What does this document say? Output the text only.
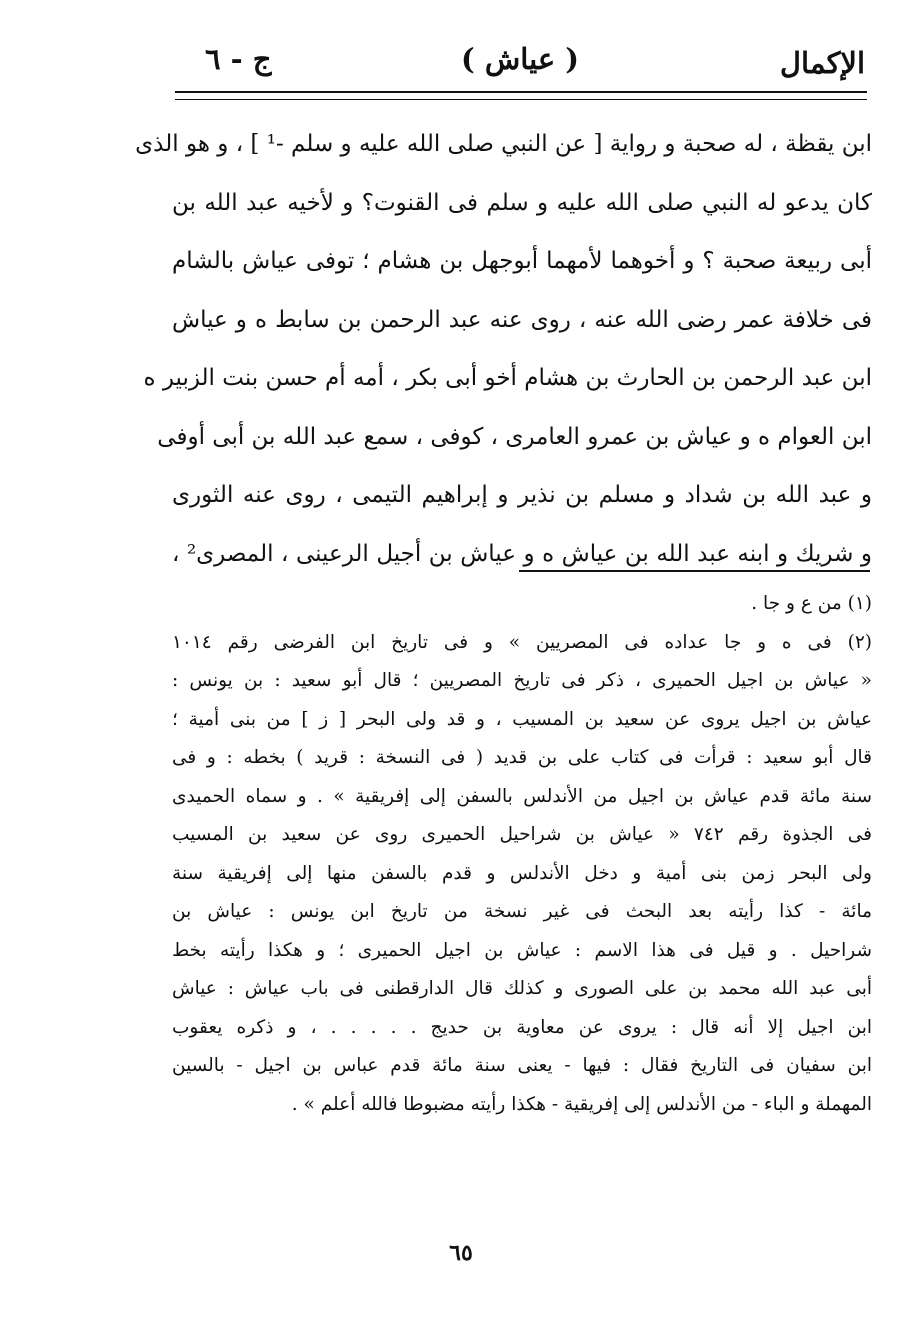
الإكمال
( عياش )
ج - ٦
ابن يقظة ، له صحبة و رواية [ عن النبي صلى الله عليه و سلم -¹ ] ، و هو الذى
كان يدعو له النبي صلى الله عليه و سلم فى القنوت؟ و لأخيه عبد الله بن
أبى ربيعة صحبة ؟ و أخوهما لأمهما أبوجهل بن هشام ؛ توفى عياش بالشام
فى خلافة عمر رضى الله عنه ، روى عنه عبد الرحمن بن سابط ه و عياش
ابن عبد الرحمن بن الحارث بن هشام أخو أبى بكر ، أمه أم حسن بنت الزبير ه
ابن العوام ه و عياش بن عمرو العامرى ، كوفى ، سمع عبد الله بن أبى أوفى
و عبد الله بن شداد و مسلم بن نذير و إبراهيم التيمى ، روى عنه الثورى
و شريك و ابنه عبد الله بن عياش ه و عياش بن أجيل الرعينى ، المصرى² ،
(١) من ع و جا .
(٢) فى ه و جا عداده فى المصريين » و فى تاريخ ابن الفرضى رقم ١٠١٤
« عياش بن اجيل الحميرى ، ذكر فى تاريخ المصريين ؛ قال أبو سعيد : بن يونس :
عياش بن اجيل يروى عن سعيد بن المسيب ، و قد ولى البحر [ ز ] من بنى أمية ؛
قال أبو سعيد : قرأت فى كتاب على بن قديد ( فى النسخة : قريد ) بخطه : و فى
سنة مائة قدم عياش بن اجيل من الأندلس بالسفن إلى إفريقية » . و سماه الحميدى
فى الجذوة رقم ٧٤٢ « عياش بن شراحيل الحميرى روى عن سعيد بن المسيب
ولى البحر زمن بنى أمية و دخل الأندلس و قدم بالسفن منها إلى إفريقية سنة
مائة - كذا رأيته بعد البحث فى غير نسخة من تاريخ ابن يونس : عياش بن
شراحيل . و قيل فى هذا الاسم : عياش بن اجيل الحميرى ؛ و هكذا رأيته بخط
أبى عبد الله محمد بن على الصورى و كذلك قال الدارقطنى فى باب عياش : عياش
ابن اجيل إلا أنه قال : يروى عن معاوية بن حديج . . . . . ، و ذكره يعقوب
ابن سفيان فى التاريخ فقال : فيها - يعنى سنة مائة قدم عباس بن اجيل - بالسين
المهملة و الباء - من الأندلس إلى إفريقية - هكذا رأيته مضبوطا فالله أعلم » .
٦٥
